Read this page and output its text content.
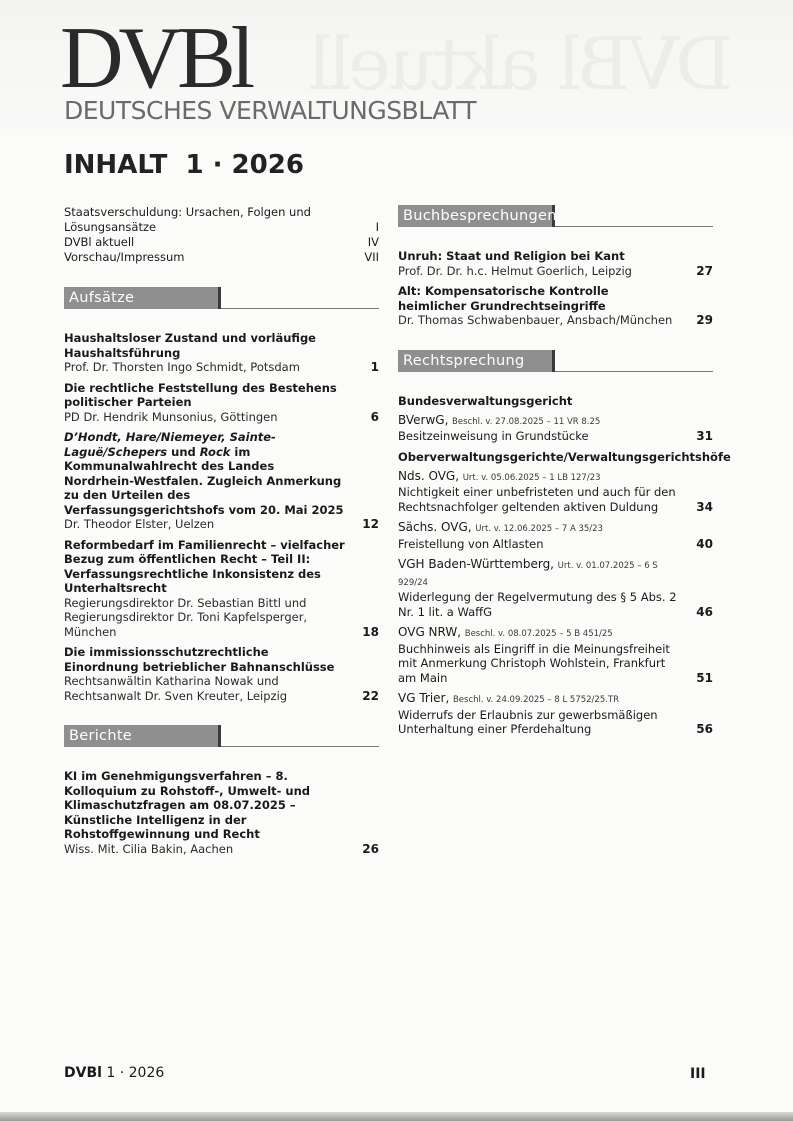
DVBl aktuell
DVBl
DEUTSCHES VERWALTUNGSBLATT
INHALT 1 · 2026
Staatsverschuldung: Ursachen, Folgen und Lösungsansätze	I
DVBl aktuell	IV
Vorschau/Impressum	VII
Aufsätze
Haushaltsloser Zustand und vorläufige Haushaltsführung
Prof. Dr. Thorsten Ingo Schmidt, Potsdam	1
Die rechtliche Feststellung des Bestehens politischer Parteien
PD Dr. Hendrik Munsonius, Göttingen	6
D’Hondt, Hare/Niemeyer, Sainte-Laguë/Schepers und Rock im Kommunalwahlrecht des Landes Nordrhein-Westfalen. Zugleich Anmerkung zu den Urteilen des Verfassungsgerichtshofs vom 20. Mai 2025
Dr. Theodor Elster, Uelzen	12
Reformbedarf im Familienrecht – vielfacher Bezug zum öffentlichen Recht – Teil II: Verfassungsrechtliche Inkonsistenz des Unterhaltsrecht
Regierungsdirektor Dr. Sebastian Bittl und Regierungsdirektor Dr. Toni Kapfelsperger, München	18
Die immissionsschutzrechtliche Einordnung betrieblicher Bahnanschlüsse
Rechtsanwältin Katharina Nowak und Rechtsanwalt Dr. Sven Kreuter, Leipzig	22
Berichte
KI im Genehmigungsverfahren – 8. Kolloquium zu Rohstoff-, Umwelt- und Klimaschutzfragen am 08.07.2025 – Künstliche Intelligenz in der Rohstoffgewinnung und Recht
Wiss. Mit. Cilia Bakin, Aachen	26
Buchbesprechungen
Unruh: Staat und Religion bei Kant
Prof. Dr. Dr. h.c. Helmut Goerlich, Leipzig	27
Alt: Kompensatorische Kontrolle heimlicher Grundrechtseingriffe
Dr. Thomas Schwabenbauer, Ansbach/München	29
Rechtsprechung
Bundesverwaltungsgericht
BVerwG, Beschl. v. 27.08.2025 – 11 VR 8.25
Besitzeinweisung in Grundstücke	31
Oberverwaltungsgerichte/Verwaltungsgerichtshöfe
Nds. OVG, Urt. v. 05.06.2025 – 1 LB 127/23
Nichtigkeit einer unbefristeten und auch für den Rechtsnachfolger geltenden aktiven Duldung	34
Sächs. OVG, Urt. v. 12.06.2025 – 7 A 35/23
Freistellung von Altlasten	40
VGH Baden-Württemberg, Urt. v. 01.07.2025 – 6 S 929/24
Widerlegung der Regelvermutung des § 5 Abs. 2 Nr. 1 lit. a WaffG	46
OVG NRW, Beschl. v. 08.07.2025 – 5 B 451/25
Buchhinweis als Eingriff in die Meinungsfreiheit mit Anmerkung Christoph Wohlstein, Frankfurt am Main	51
VG Trier, Beschl. v. 24.09.2025 – 8 L 5752/25.TR
Widerrufs der Erlaubnis zur gewerbsmäßigen Unterhaltung einer Pferdehaltung	56
DVBl 1 · 2026	III
